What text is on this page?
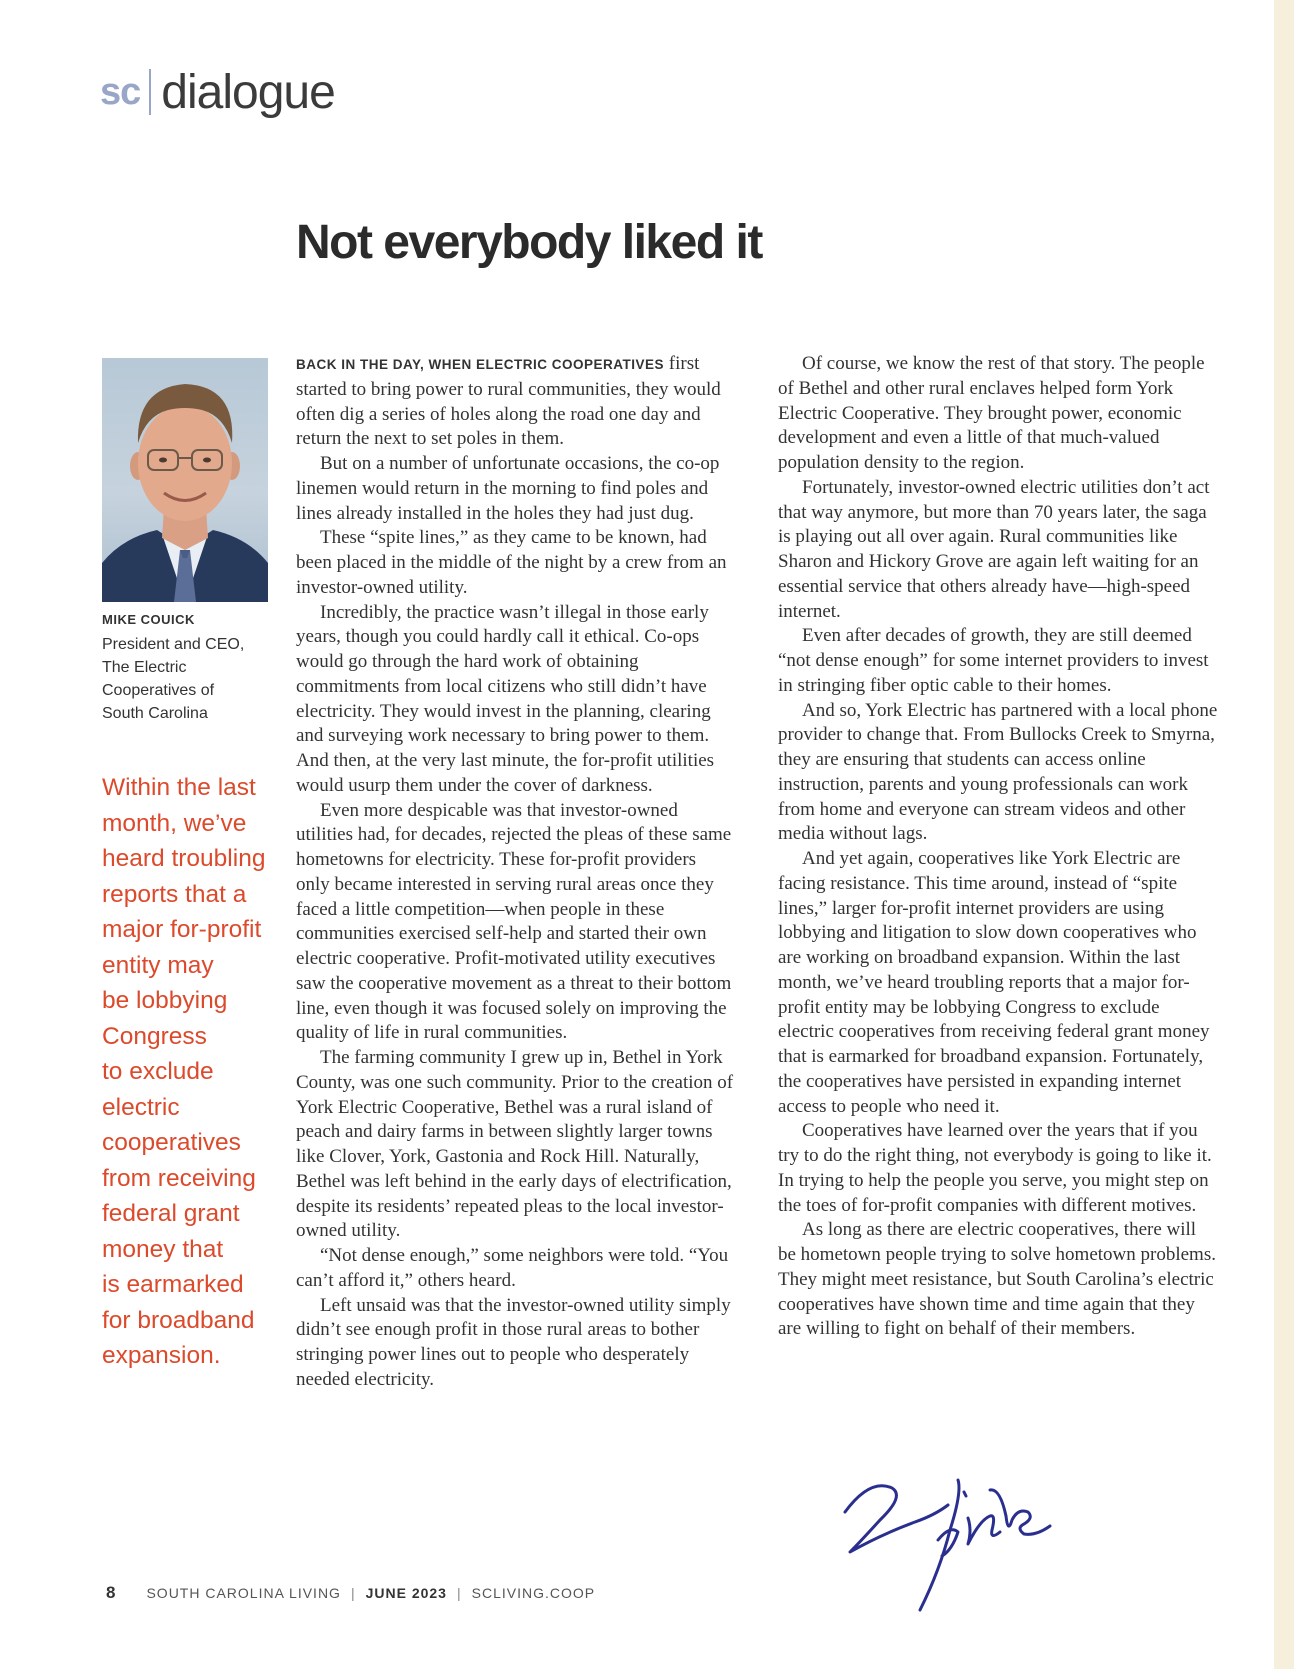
sc dialogue
Not everybody liked it
MIKE COUICK
President and CEO,
The Electric
Cooperatives of
South Carolina
Within the last
month, we’ve
heard troubling
reports that a
major for-profit
entity may
be lobbying
Congress
to exclude
electric
cooperatives
from receiving
federal grant
money that
is earmarked
for broadband
expansion.

BACK IN THE DAY, WHEN ELECTRIC COOPERATIVES first started to bring power to rural communities, they would often dig a series of holes along the road one day and return the next to set poles in them.

But on a number of unfortunate occasions, the co-op linemen would return in the morning to find poles and lines already installed in the holes they had just dug.

These “spite lines,” as they came to be known, had been placed in the middle of the night by a crew from an investor-owned utility.

Incredibly, the practice wasn’t illegal in those early years, though you could hardly call it ethical. Co-ops would go through the hard work of obtaining commitments from local citizens who still didn’t have electricity. They would invest in the planning, clearing and surveying work necessary to bring power to them. And then, at the very last minute, the for-profit utilities would usurp them under the cover of darkness.

Even more despicable was that investor-owned utilities had, for decades, rejected the pleas of these same hometowns for electricity. These for-profit providers only became interested in serving rural areas once they faced a little competition—when people in these communities exercised self-help and started their own electric cooperative. Profit-motivated utility executives saw the cooperative movement as a threat to their bottom line, even though it was focused solely on improving the quality of life in rural communities.

The farming community I grew up in, Bethel in York County, was one such community. Prior to the creation of York Electric Cooperative, Bethel was a rural island of peach and dairy farms in between slightly larger towns like Clover, York, Gastonia and Rock Hill. Naturally, Bethel was left behind in the early days of electrification, despite its residents’ repeated pleas to the local investor-owned utility.

“Not dense enough,” some neighbors were told. “You can’t afford it,” others heard.

Left unsaid was that the investor-owned utility simply didn’t see enough profit in those rural areas to bother stringing power lines out to people who desperately needed electricity.

Of course, we know the rest of that story. The people of Bethel and other rural enclaves helped form York Electric Cooperative. They brought power, economic development and even a little of that much-valued population density to the region.

Fortunately, investor-owned electric utilities don’t act that way anymore, but more than 70 years later, the saga is playing out all over again. Rural communities like Sharon and Hickory Grove are again left waiting for an essential service that others already have—high-speed internet.

Even after decades of growth, they are still deemed “not dense enough” for some internet providers to invest in stringing fiber optic cable to their homes.

And so, York Electric has partnered with a local phone provider to change that. From Bullocks Creek to Smyrna, they are ensuring that students can access online instruction, parents and young professionals can work from home and everyone can stream videos and other media without lags.

And yet again, cooperatives like York Electric are facing resistance. This time around, instead of “spite lines,” larger for-profit internet providers are using lobbying and litigation to slow down cooperatives who are working on broadband expansion. Within the last month, we’ve heard troubling reports that a major for-profit entity may be lobbying Congress to exclude electric cooperatives from receiving federal grant money that is earmarked for broadband expansion. Fortunately, the cooperatives have persisted in expanding internet access to people who need it.

Cooperatives have learned over the years that if you try to do the right thing, not everybody is going to like it. In trying to help the people you serve, you might step on the toes of for-profit companies with different motives.

As long as there are electric cooperatives, there will be hometown people trying to solve hometown problems. They might meet resistance, but South Carolina’s electric cooperatives have shown time and time again that they are willing to fight on behalf of their members.

8 SOUTH CAROLINA LIVING | JUNE 2023 | SCLIVING.COOP
